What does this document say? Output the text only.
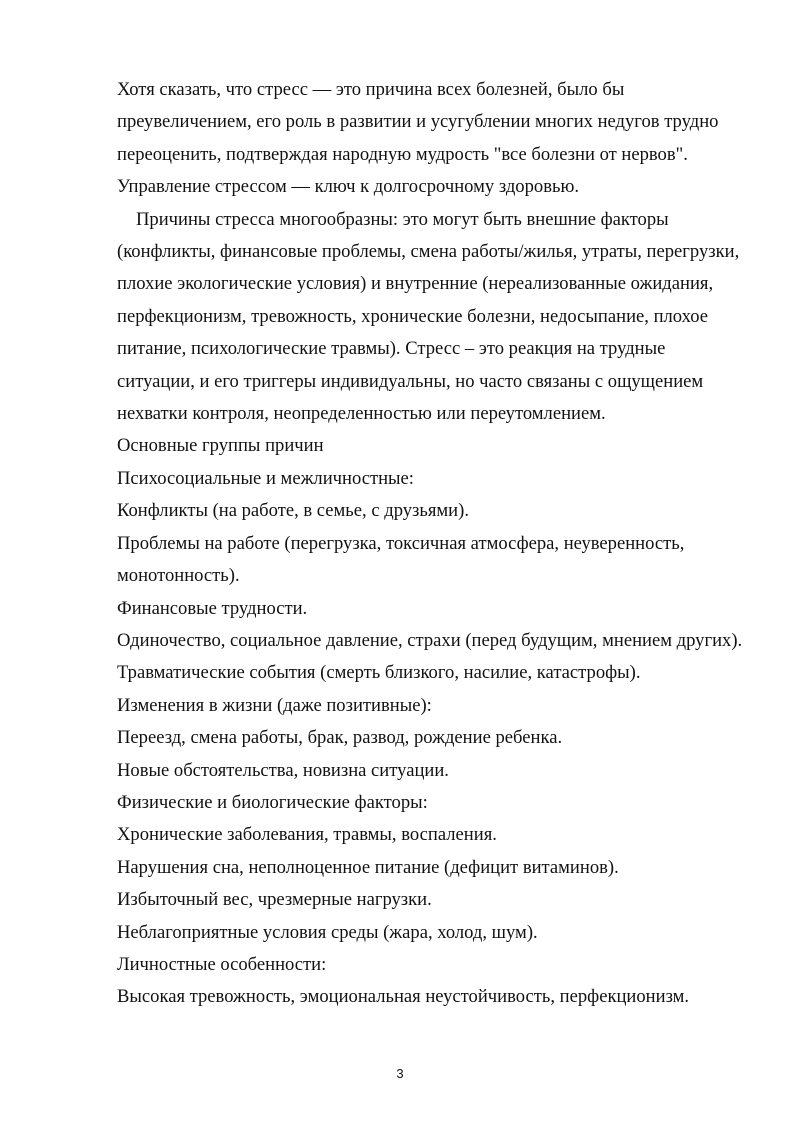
Хотя сказать, что стресс — это причина всех болезней, было бы преувеличением, его роль в развитии и усугублении многих недугов трудно переоценить, подтверждая народную мудрость "все болезни от нервов". Управление стрессом — ключ к долгосрочному здоровью.

Причины стресса многообразны: это могут быть внешние факторы (конфликты, финансовые проблемы, смена работы/жилья, утраты, перегрузки, плохие экологические условия) и внутренние (нереализованные ожидания, перфекционизм, тревожность, хронические болезни, недосыпание, плохое питание, психологические травмы). Стресс – это реакция на трудные ситуации, и его триггеры индивидуальны, но часто связаны с ощущением нехватки контроля, неопределенностью или переутомлением.

Основные группы причин

Психосоциальные и межличностные:

Конфликты (на работе, в семье, с друзьями).

Проблемы на работе (перегрузка, токсичная атмосфера, неуверенность, монотонность).

Финансовые трудности.

Одиночество, социальное давление, страхи (перед будущим, мнением других).

Травматические события (смерть близкого, насилие, катастрофы).

Изменения в жизни (даже позитивные):

Переезд, смена работы, брак, развод, рождение ребенка.

Новые обстоятельства, новизна ситуации.

Физические и биологические факторы:

Хронические заболевания, травмы, воспаления.

Нарушения сна, неполноценное питание (дефицит витаминов).

Избыточный вес, чрезмерные нагрузки.

Неблагоприятные условия среды (жара, холод, шум).

Личностные особенности:

Высокая тревожность, эмоциональная неустойчивость, перфекционизм.

3
